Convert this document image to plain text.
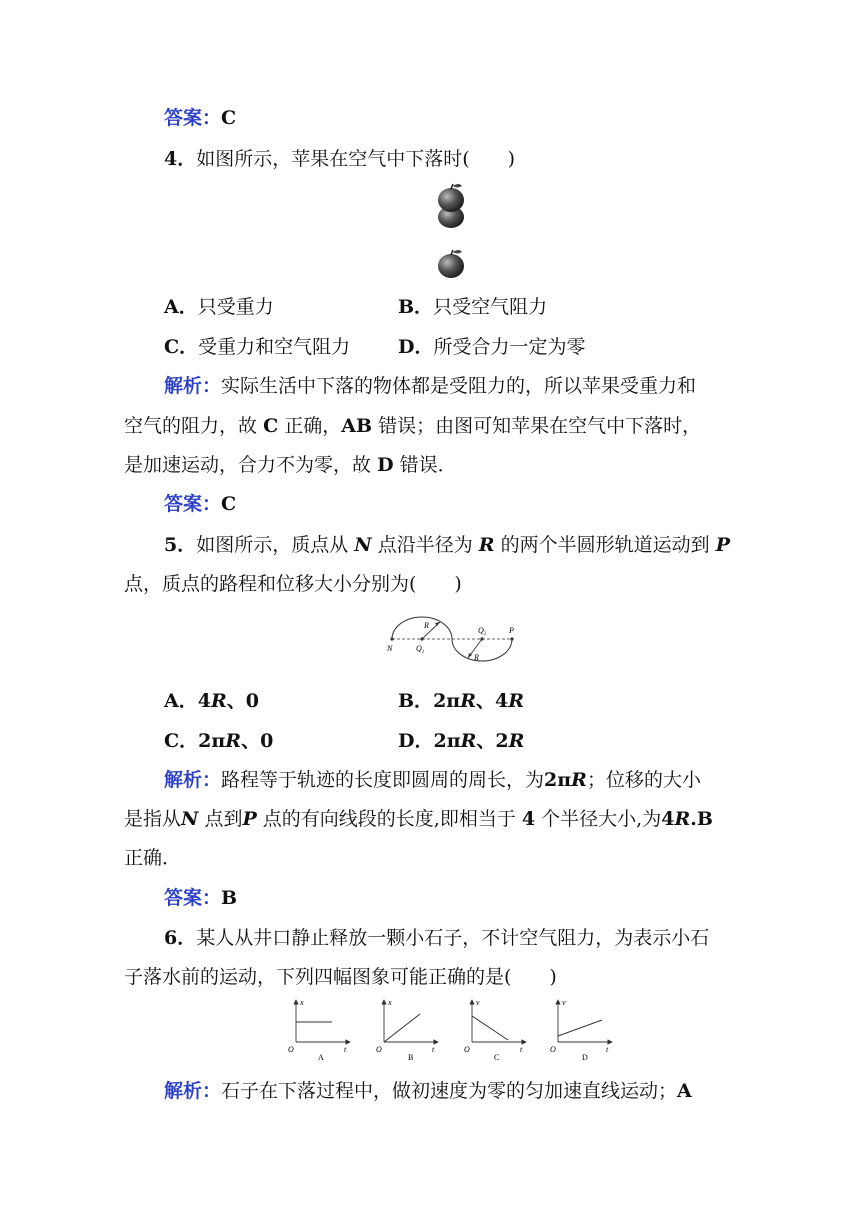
答案：C
4．如图所示，苹果在空气中下落时(　　)
A．只受重力	B．只受空气阻力
C．受重力和空气阻力	D．所受合力一定为零
解析：实际生活中下落的物体都是受阻力的，所以苹果受重力和
空气的阻力，故 C 正确，AB 错误；由图可知苹果在空气中下落时，
是加速运动，合力不为零，故 D 错误．
答案：C
5．如图所示，质点从 N 点沿半径为 R 的两个半圆形轨道运动到 P
点，质点的路程和位移大小分别为(　　)
R
R
N	$Q_1$
$Q_2$	P
A．4R、0	B．2πR、4R
C．2πR、0	D．2πR、2R
解析：路程等于轨迹的长度即圆周的周长，为2πR；位移的大小
是指从N 点到P 点的有向线段的长度,即相当于 4 个半径大小,为4R.B
正确．
答案：B
6．某人从井口静止释放一颗小石子，不计空气阻力，为表示小石
子落水前的运动，下列四幅图象可能正确的是(　　)
x
t
O
A
x
t
O
B
v
t
O
C
v
t
O
D
解析：石子在下落过程中，做初速度为零的匀加速直线运动；A
